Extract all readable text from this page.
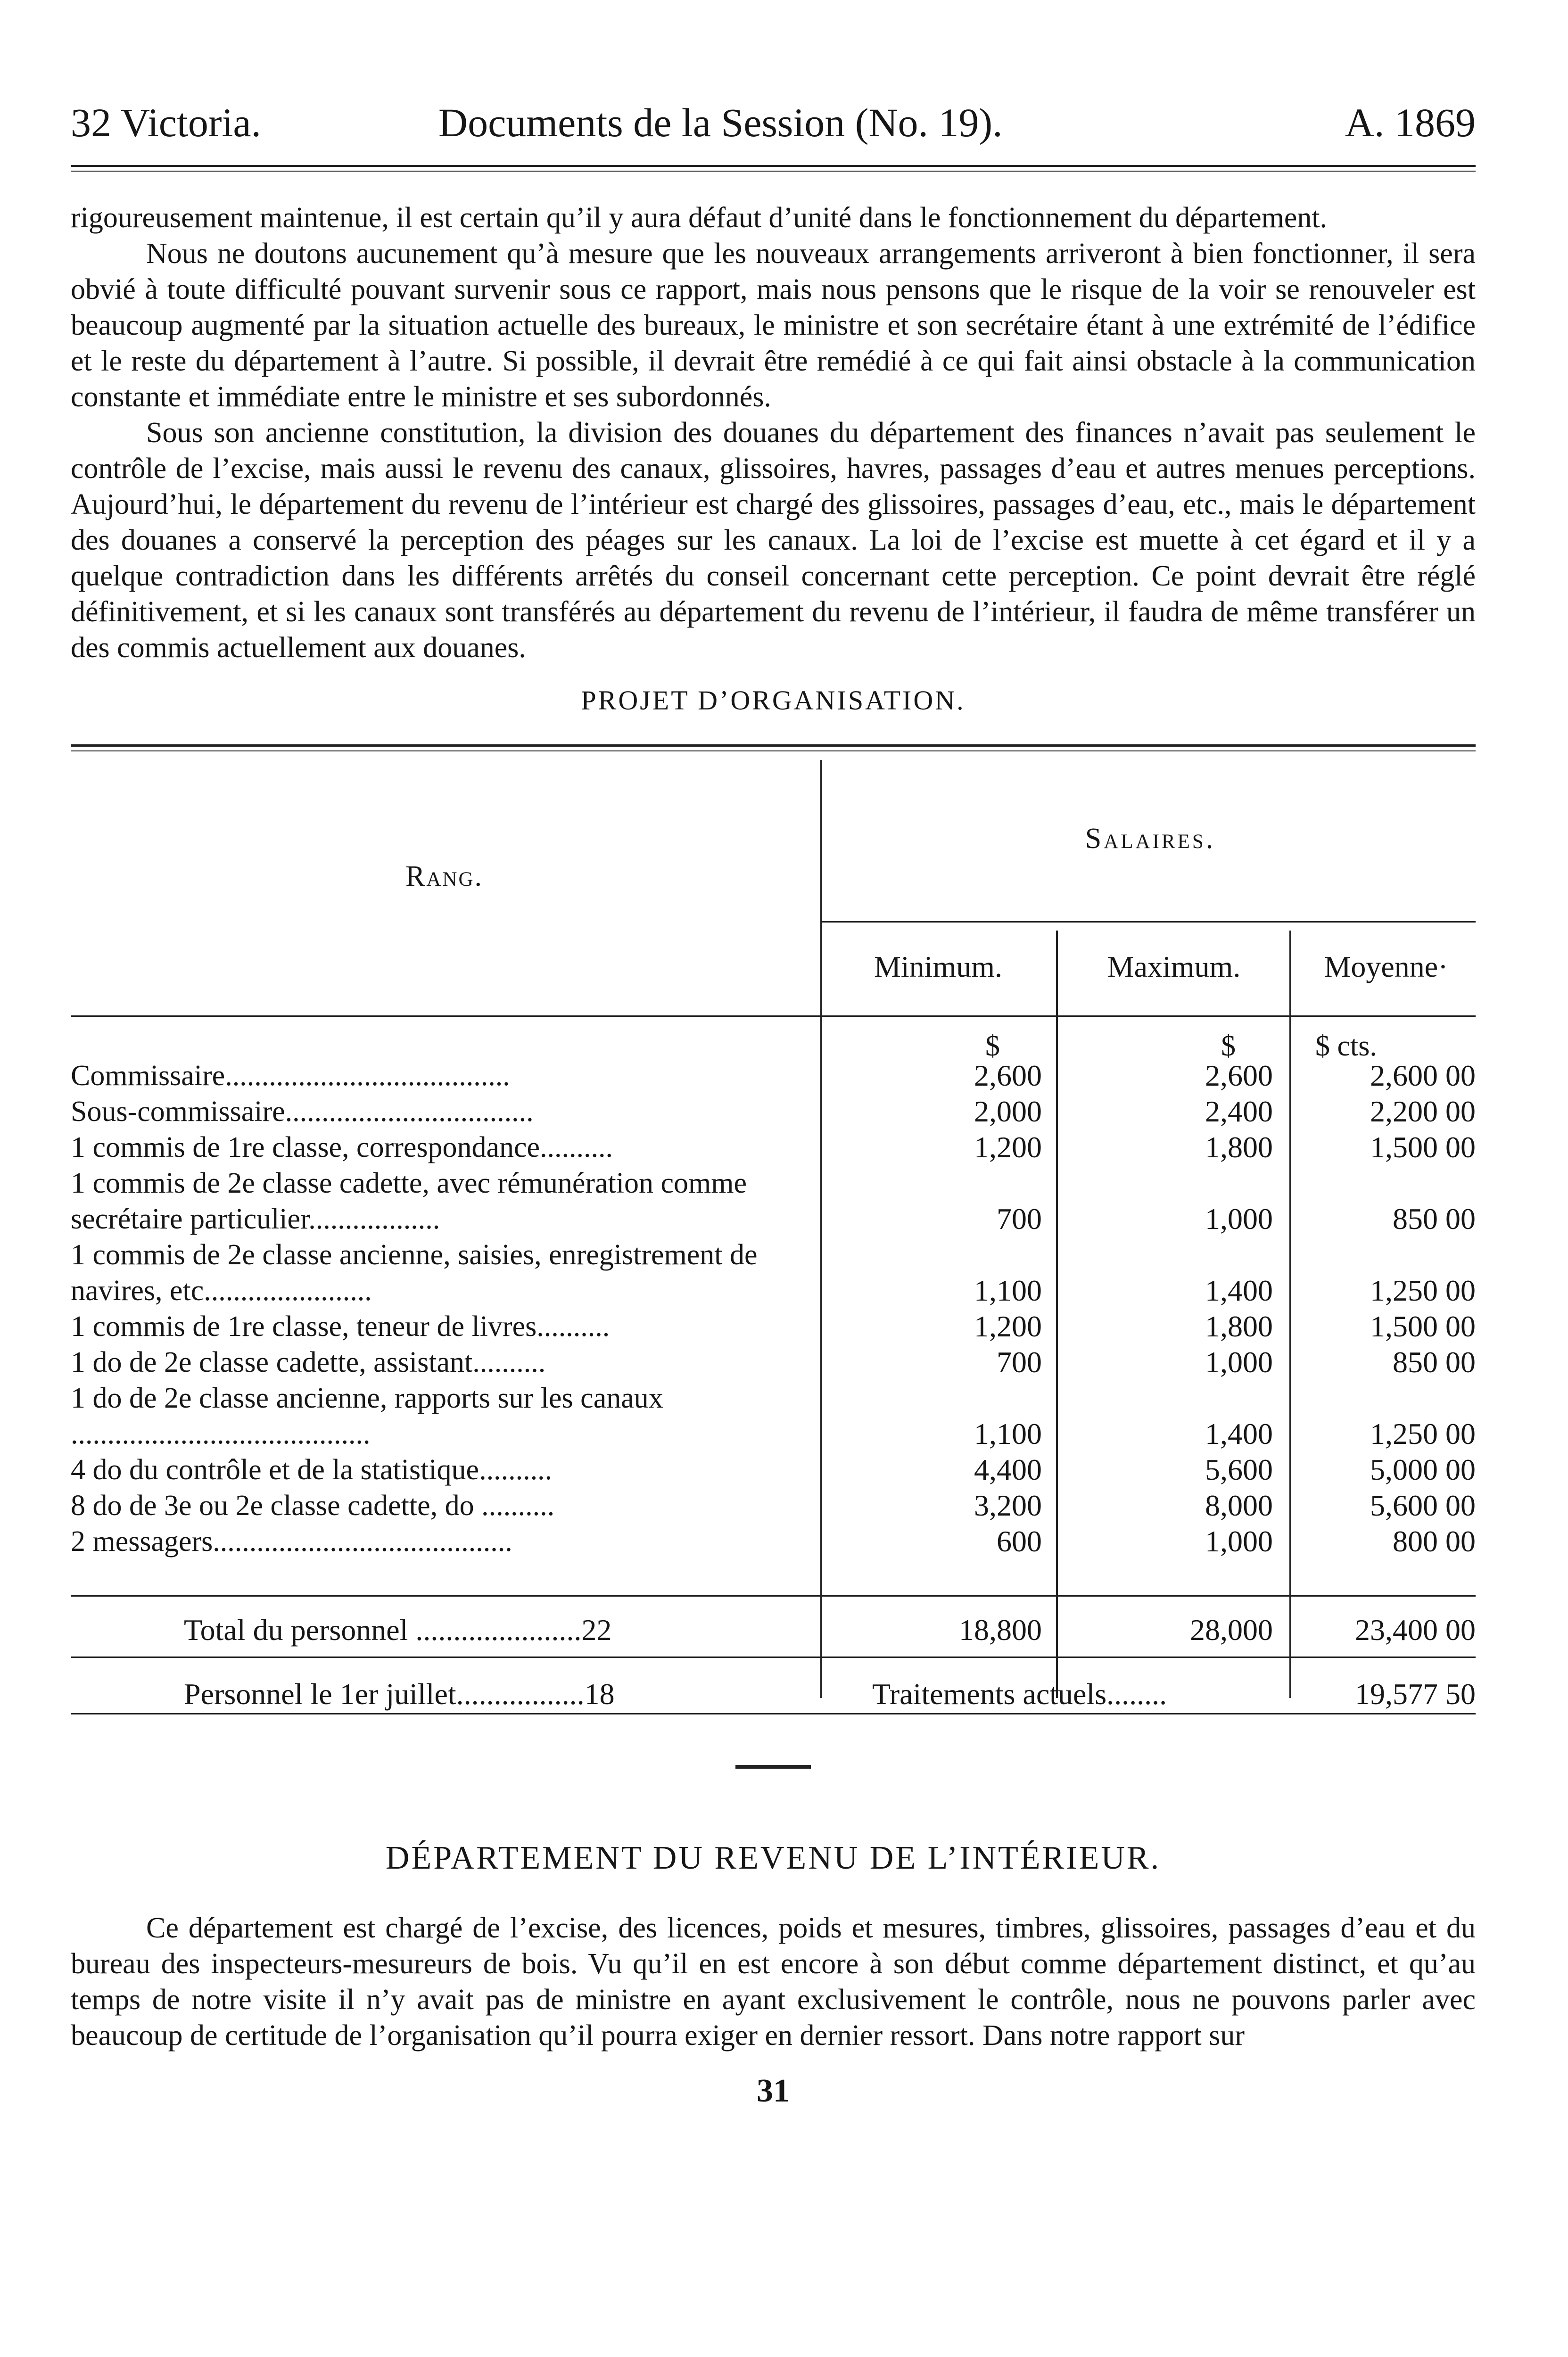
32 Victoria.	Documents de la Session (No. 19).	A. 1869

rigoureusement maintenue, il est certain qu’il y aura défaut d’unité dans le fonctionnement du département.

Nous ne doutons aucunement qu’à mesure que les nouveaux arrangements arriveront à bien fonctionner, il sera obvié à toute difficulté pouvant survenir sous ce rapport, mais nous pensons que le risque de la voir se renouveler est beaucoup augmenté par la situation actuelle des bureaux, le ministre et son secrétaire étant à une extrémité de l’édifice et le reste du département à l’autre. Si possible, il devrait être remédié à ce qui fait ainsi obstacle à la communication constante et immédiate entre le ministre et ses subordonnés.

Sous son ancienne constitution, la division des douanes du département des finances n’avait pas seulement le contrôle de l’excise, mais aussi le revenu des canaux, glissoires, havres, passages d’eau et autres menues perceptions. Aujourd’hui, le département du revenu de l’intérieur est chargé des glissoires, passages d’eau, etc., mais le département des douanes a conservé la perception des péages sur les canaux. La loi de l’excise est muette à cet égard et il y a quelque contradiction dans les différents arrêtés du conseil concernant cette perception. Ce point devrait être réglé définitivement, et si les canaux sont transférés au département du revenu de l’intérieur, il faudra de même transférer un des commis actuellement aux douanes.

PROJET D’ORGANISATION.
Rang.
Salaires.
Minimum.	Maximum.	Moyenne·
$	$	$ cts.
Commissaire.......................................	2,600	2,600	2,600 00
Sous-commissaire..................................	2,000	2,400	2,200 00
1 commis de 1re classe, correspondance..........	1,200	1,800	1,500 00
1 commis de 2e classe cadette, avec rémunération comme secrétaire particulier..................	700	1,000	850 00
1 commis de 2e classe ancienne, saisies, enregistrement de navires, etc.......................	1,100	1,400	1,250 00
1 commis de 1re classe, teneur de livres..........	1,200	1,800	1,500 00
1 do de 2e classe cadette, assistant..........	700	1,000	850 00
1 do de 2e classe ancienne, rapports sur les canaux .........................................	1,100	1,400	1,250 00
4 do du contrôle et de la statistique..........	4,400	5,600	5,000 00
8 do de 3e ou 2e classe cadette, do ..........	3,200	8,000	5,600 00
2 messagers.........................................	600	1,000	800 00
Total du personnel ......................22	18,800	28,000	23,400 00
Personnel le 1er juillet.................18	Traitements actuels........	19,577 50
DÉPARTEMENT DU REVENU DE L’INTÉRIEUR.

Ce département est chargé de l’excise, des licences, poids et mesures, timbres, glissoires, passages d’eau et du bureau des inspecteurs-mesureurs de bois. Vu qu’il en est encore à son début comme département distinct, et qu’au temps de notre visite il n’y avait pas de ministre en ayant exclusivement le contrôle, nous ne pouvons parler avec beaucoup de certitude de l’organisation qu’il pourra exiger en dernier ressort. Dans notre rapport sur

31
